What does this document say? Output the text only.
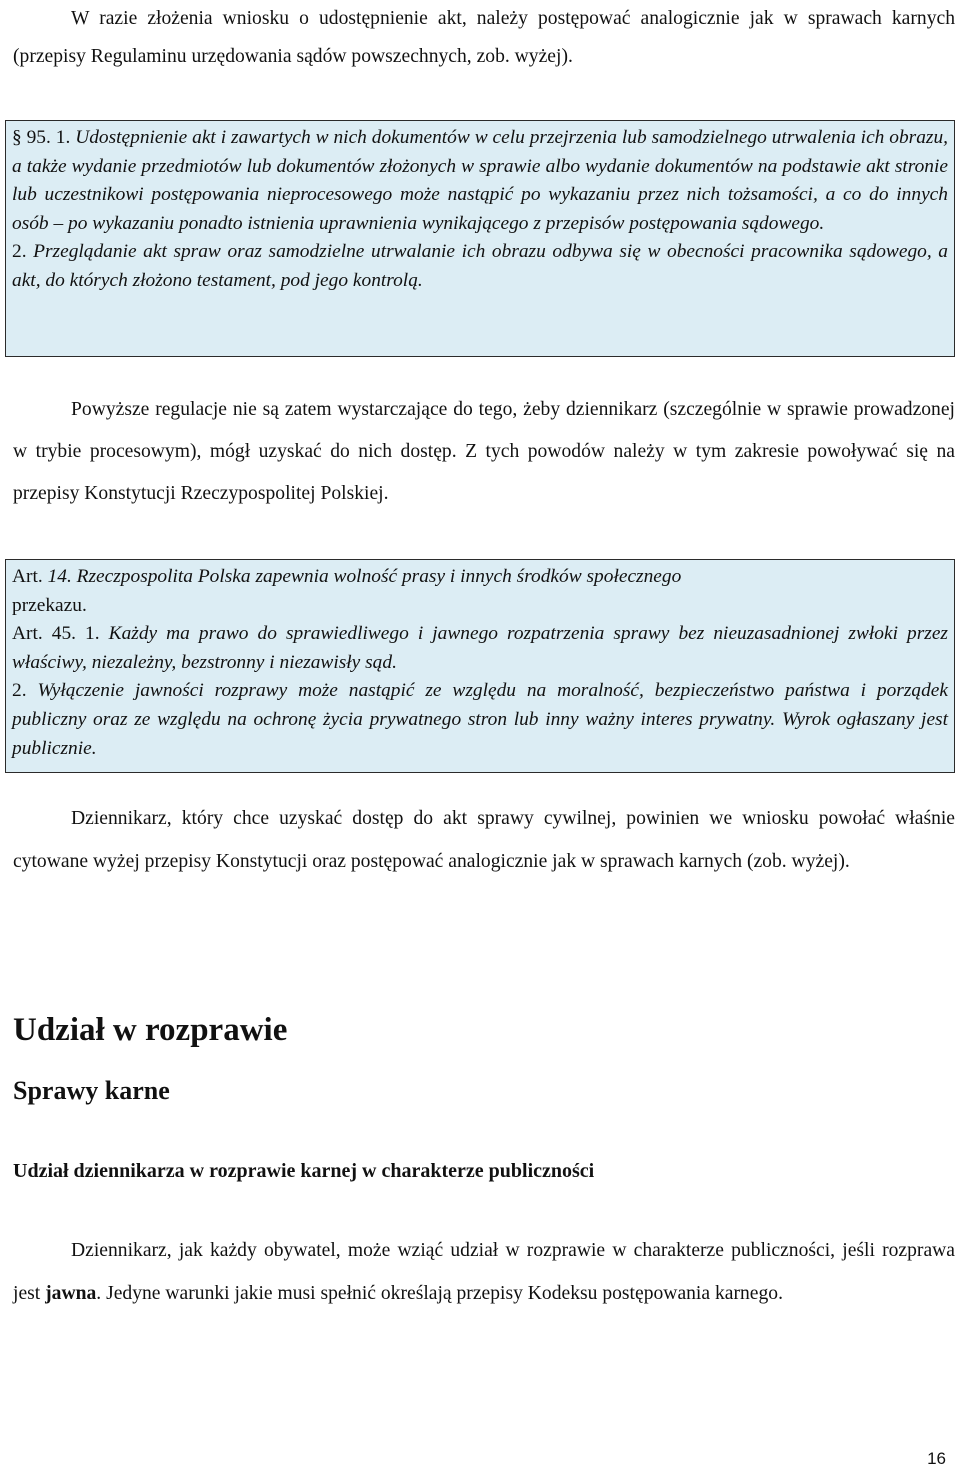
W razie złożenia wniosku o udostępnienie akt, należy postępować analogicznie jak w sprawach karnych (przepisy Regulaminu urzędowania sądów powszechnych, zob. wyżej).

§ 95. 1. Udostępnienie akt i zawartych w nich dokumentów w celu przejrzenia lub samodzielnego utrwalenia ich obrazu, a także wydanie przedmiotów lub dokumentów złożonych w sprawie albo wydanie dokumentów na podstawie akt stronie lub uczestnikowi postępowania nieprocesowego może nastąpić po wykazaniu przez nich tożsamości, a co do innych osób – po wykazaniu ponadto istnienia uprawnienia wynikającego z przepisów postępowania sądowego.
2. Przeglądanie akt spraw oraz samodzielne utrwalanie ich obrazu odbywa się w obecności pracownika sądowego, a akt, do których złożono testament, pod jego kontrolą.

Powyższe regulacje nie są zatem wystarczające do tego, żeby dziennikarz (szczególnie w sprawie prowadzonej w trybie procesowym), mógł uzyskać do nich dostęp. Z tych powodów należy w tym zakresie powoływać się na przepisy Konstytucji Rzeczypospolitej Polskiej.

Art. 14. Rzeczpospolita Polska zapewnia wolność prasy i innych środków społecznego
przekazu.
Art. 45. 1. Każdy ma prawo do sprawiedliwego i jawnego rozpatrzenia sprawy bez nieuzasadnionej zwłoki przez właściwy, niezależny, bezstronny i niezawisły sąd.
2. Wyłączenie jawności rozprawy może nastąpić ze względu na moralność, bezpieczeństwo państwa i porządek publiczny oraz ze względu na ochronę życia prywatnego stron lub inny ważny interes prywatny. Wyrok ogłaszany jest publicznie.

Dziennikarz, który chce uzyskać dostęp do akt sprawy cywilnej, powinien we wniosku powołać właśnie cytowane wyżej przepisy Konstytucji oraz postępować analogicznie jak w sprawach karnych (zob. wyżej).

Udział w rozprawie
Sprawy karne
Udział dziennikarza w rozprawie karnej w charakterze publiczności

Dziennikarz, jak każdy obywatel, może wziąć udział w rozprawie w charakterze publiczności, jeśli rozprawa jest jawna. Jedyne warunki jakie musi spełnić określają przepisy Kodeksu postępowania karnego.

16
